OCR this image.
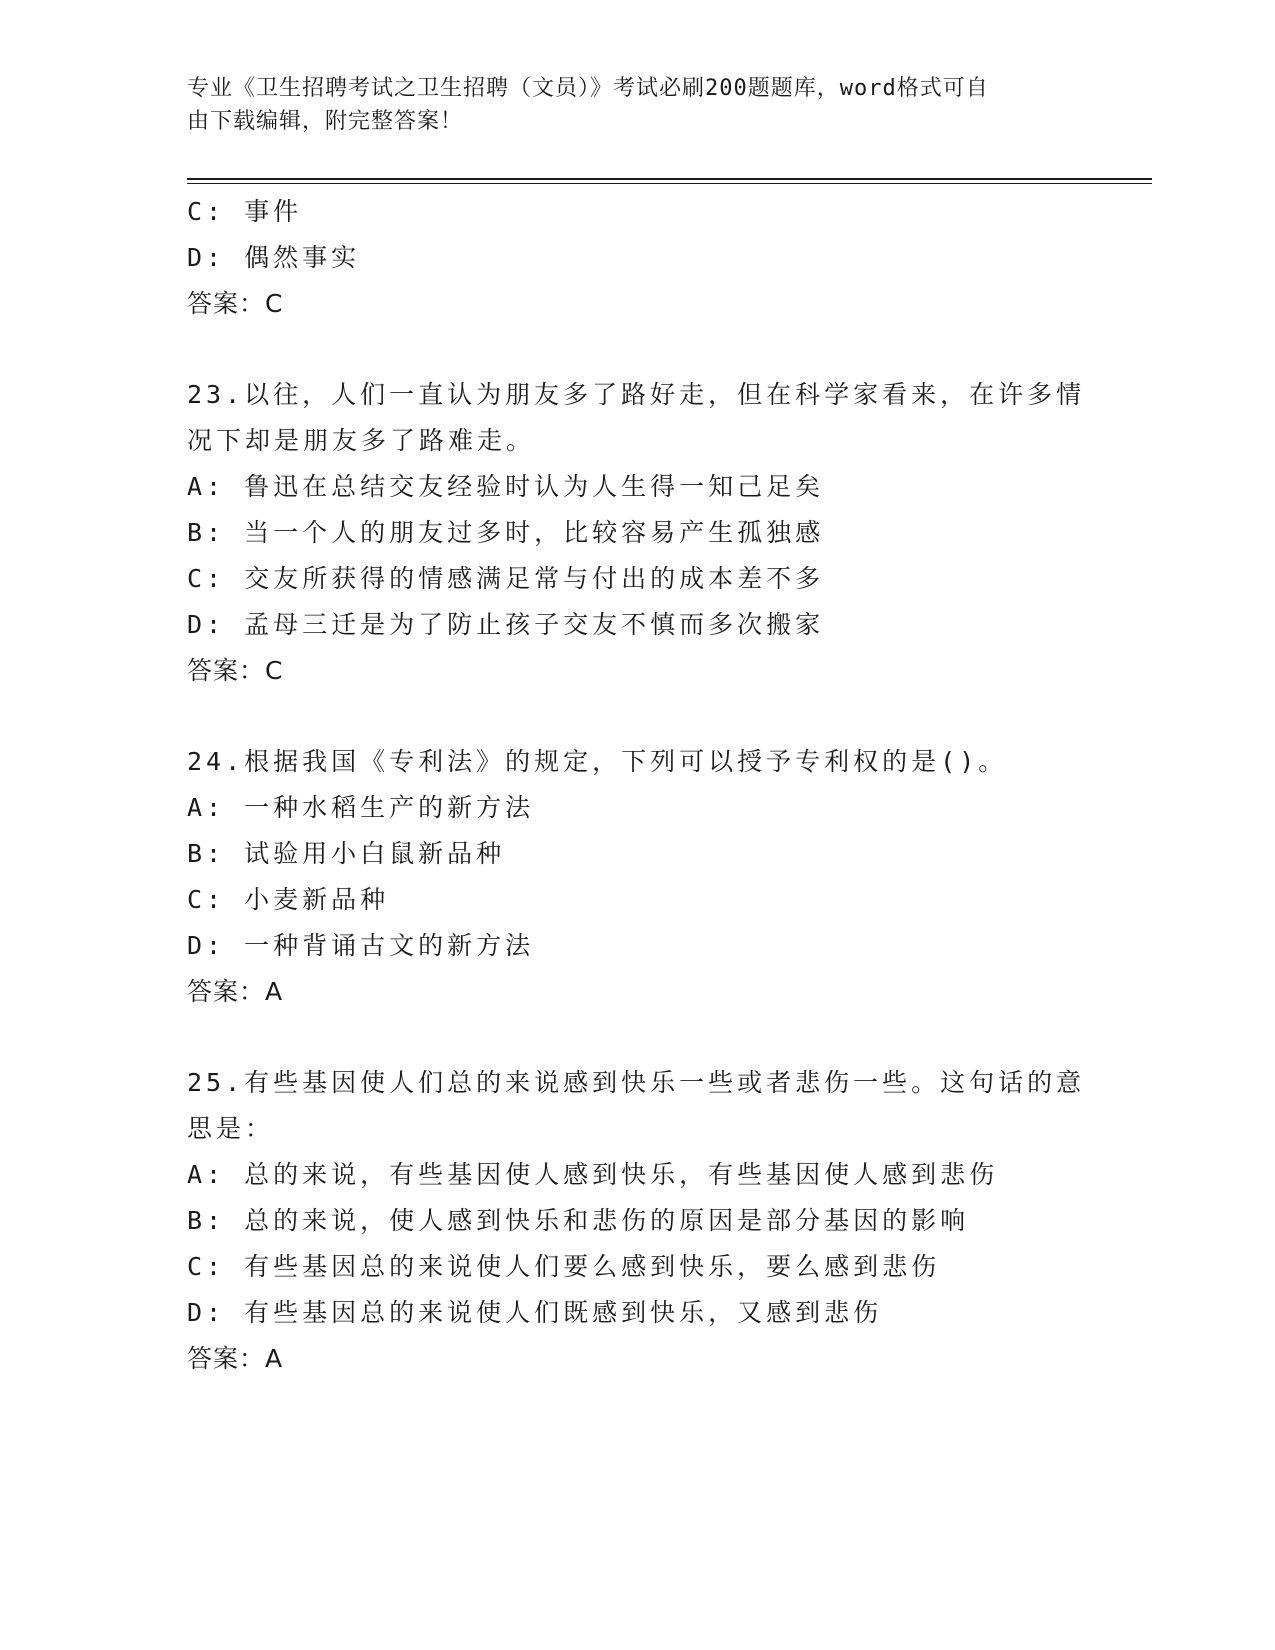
专业《卫生招聘考试之卫生招聘（文员）》考试必刷200题题库，word格式可自
由下载编辑，附完整答案！
C: 事件
D: 偶然事实
答案：C
23.以往，人们一直认为朋友多了路好走，但在科学家看来，在许多情
况下却是朋友多了路难走。
A: 鲁迅在总结交友经验时认为人生得一知己足矣
B: 当一个人的朋友过多时，比较容易产生孤独感
C: 交友所获得的情感满足常与付出的成本差不多
D: 孟母三迁是为了防止孩子交友不慎而多次搬家
答案：C
24.根据我国《专利法》的规定，下列可以授予专利权的是()。
A: 一种水稻生产的新方法
B: 试验用小白鼠新品种
C: 小麦新品种
D: 一种背诵古文的新方法
答案：A
25.有些基因使人们总的来说感到快乐一些或者悲伤一些。这句话的意
思是：
A: 总的来说，有些基因使人感到快乐，有些基因使人感到悲伤
B: 总的来说，使人感到快乐和悲伤的原因是部分基因的影响
C: 有些基因总的来说使人们要么感到快乐，要么感到悲伤
D: 有些基因总的来说使人们既感到快乐，又感到悲伤
答案：A
